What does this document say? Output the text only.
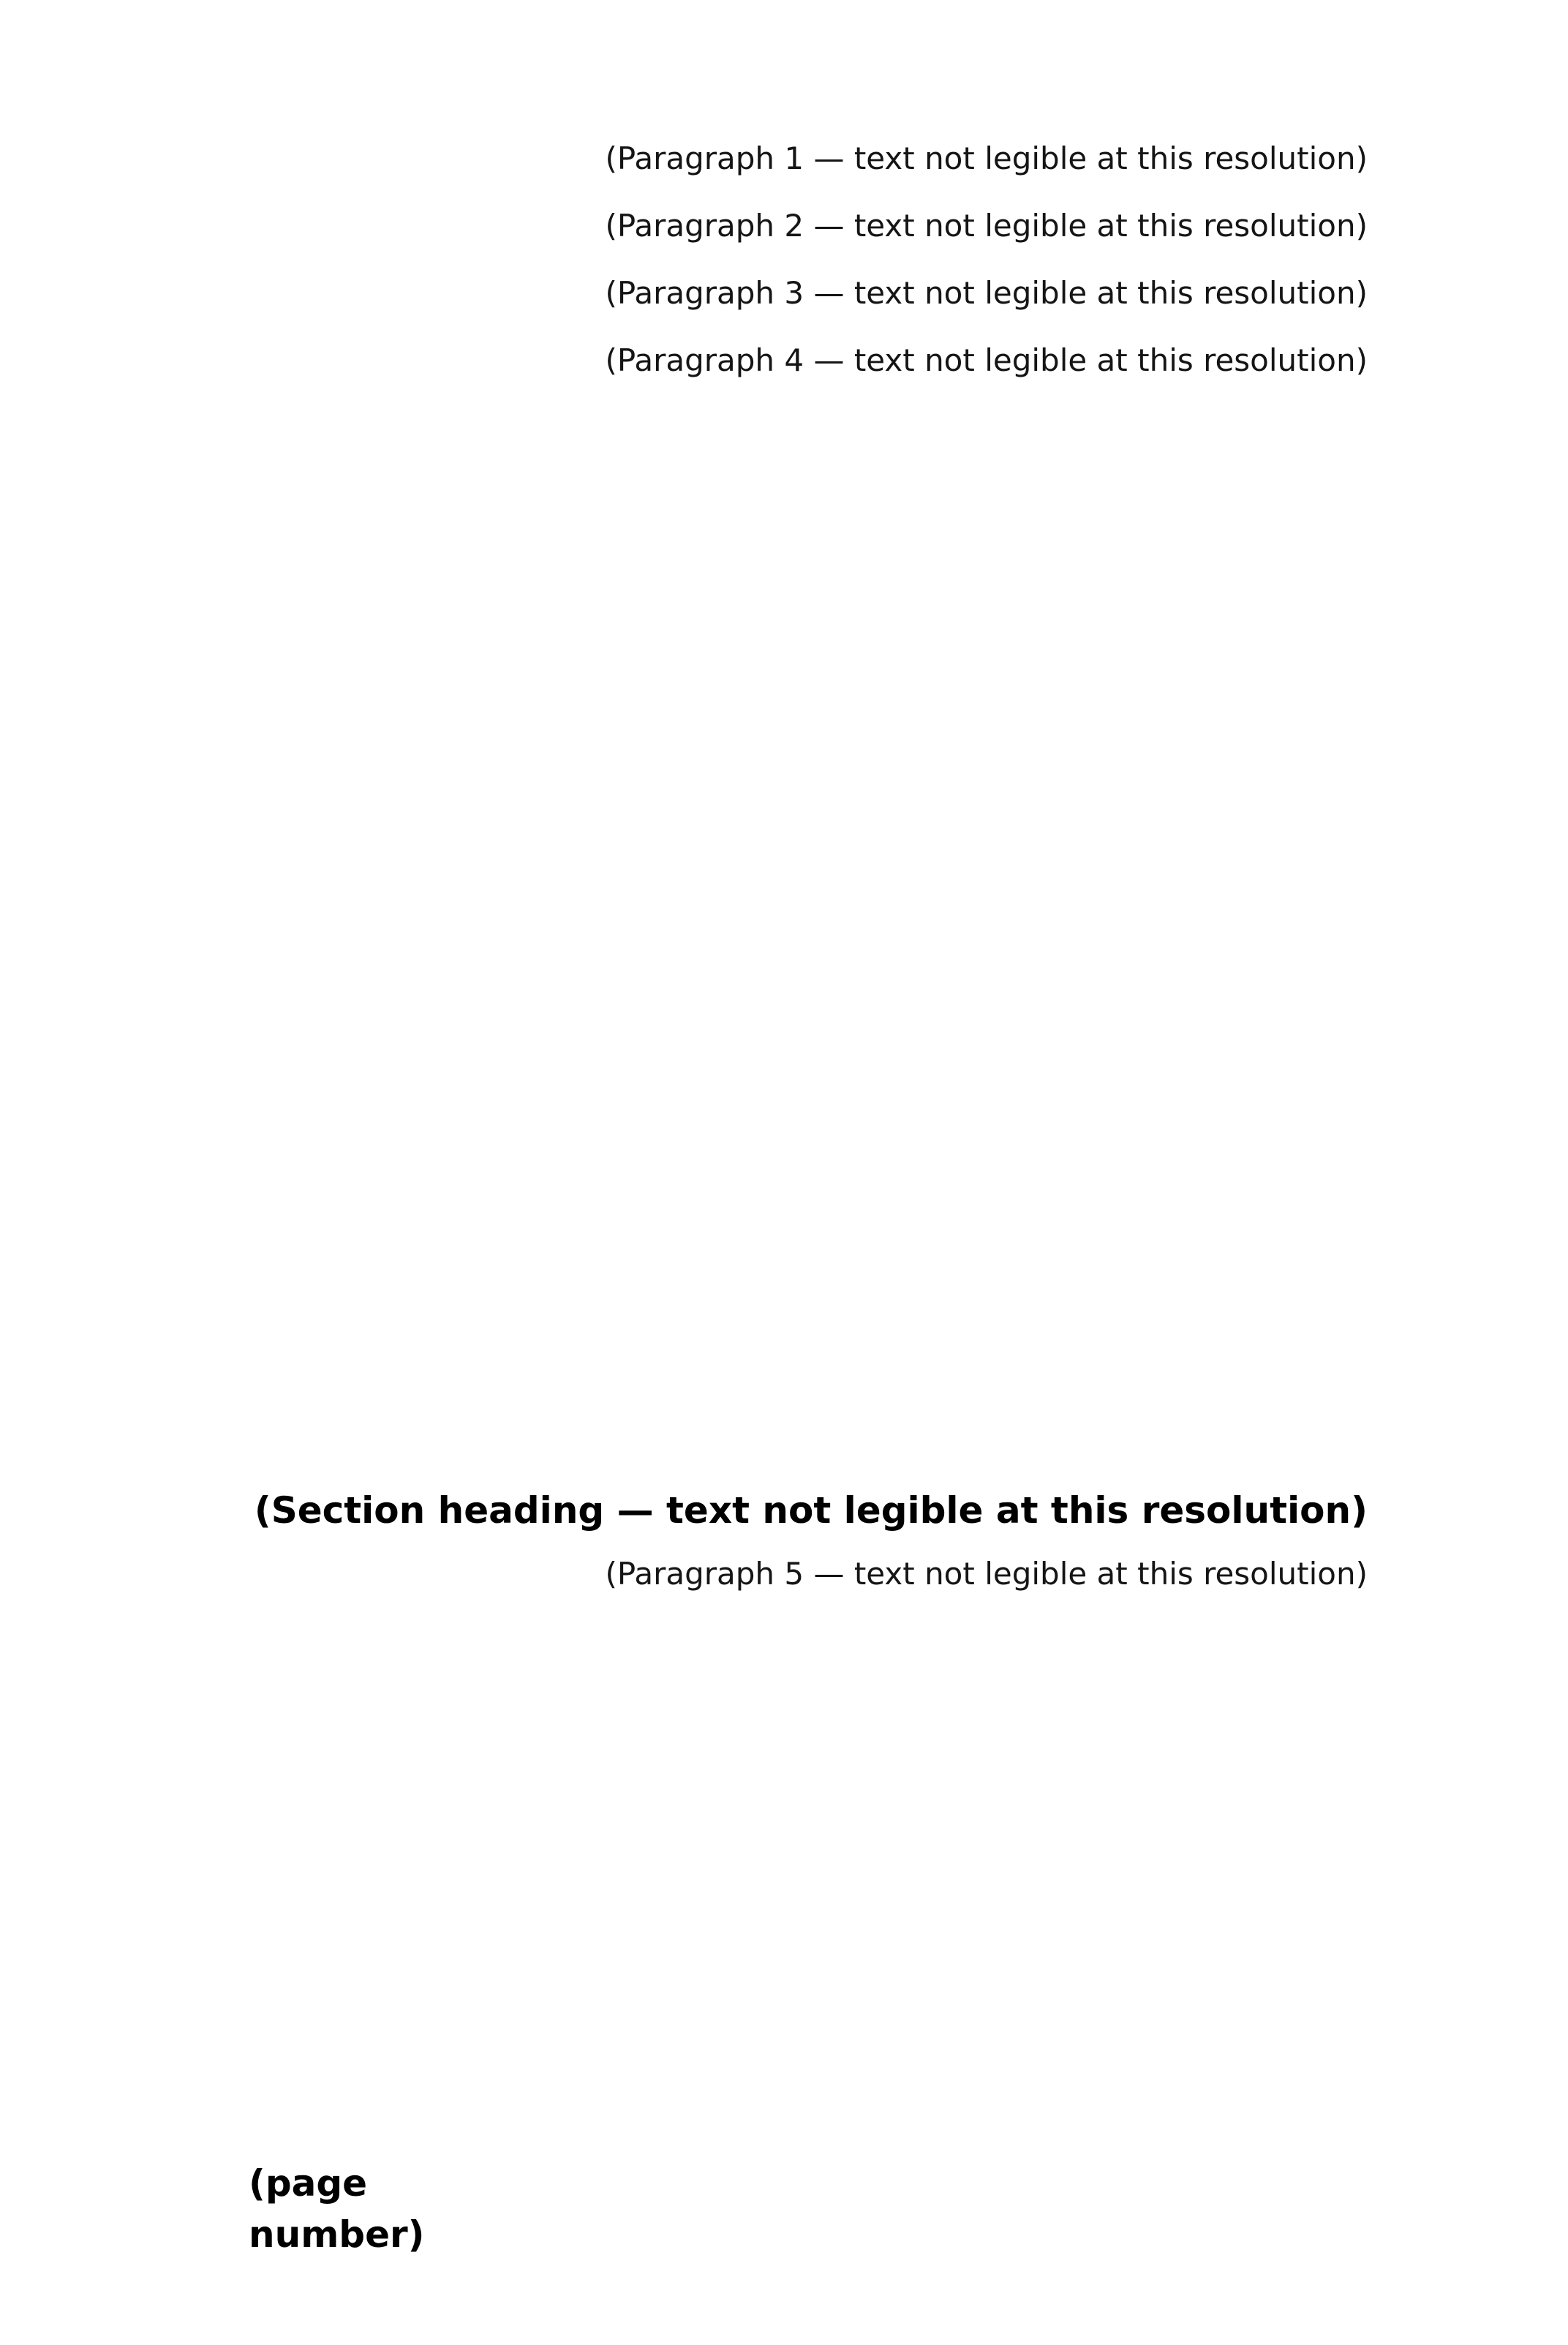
(Paragraph 1 — text not legible at this resolution)

(Paragraph 2 — text not legible at this resolution)

(Paragraph 3 — text not legible at this resolution)

(Paragraph 4 — text not legible at this resolution)

(Section heading — text not legible at this resolution)

(Paragraph 5 — text not legible at this resolution)

(page number)
